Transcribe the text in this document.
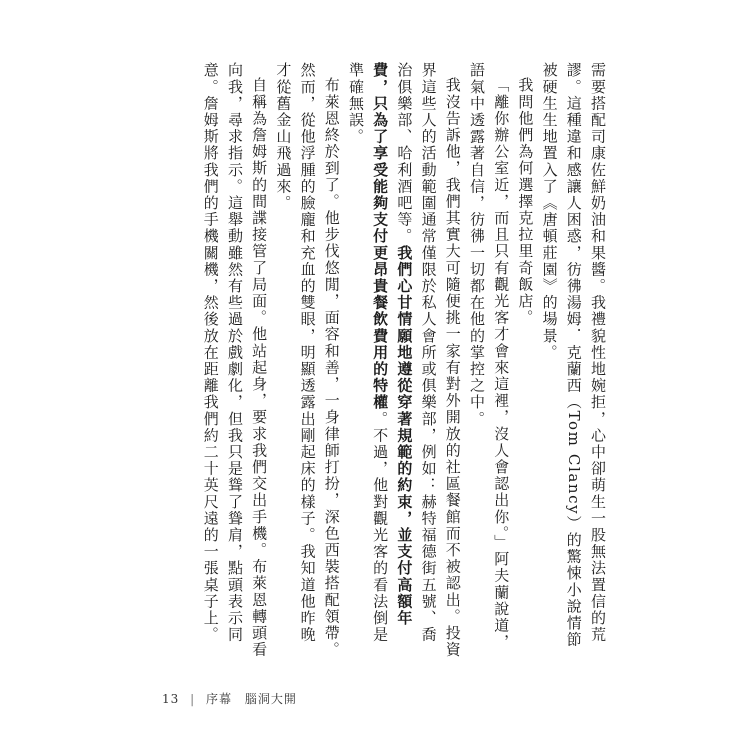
需要搭配司康佐鮮奶油和果醬。我禮貌性地婉拒，心中卻萌生一股無法置信的荒謬。這種違和感讓人困惑，彷彿湯姆．克蘭西（Tom Clancy）的驚悚小說情節被硬生生地置入了《唐頓莊園》的場景。

我問他們為何選擇克拉里奇飯店。

「離你辦公室近，而且只有觀光客才會來這裡，沒人會認出你。」阿夫蘭說道，語氣中透露著自信，彷彿一切都在他的掌控之中。

我沒告訴他，我們其實大可隨便挑一家有對外開放的社區餐館而不被認出。投資界這些人的活動範圍通常僅限於私人會所或俱樂部，例如：赫特福德街五號、喬治俱樂部、哈利酒吧等。我們心甘情願地遵從穿著規範的約束，並支付高額年費，只為了享受能夠支付更昂貴餐飲費用的特權。不過，他對觀光客的看法倒是準確無誤。

布萊恩終於到了。他步伐悠閒，面容和善，一身律師打扮，深色西裝搭配領帶。然而，從他浮腫的臉龐和充血的雙眼，明顯透露出剛起床的樣子。我知道他昨晚才從舊金山飛過來。

自稱為詹姆斯的間諜接管了局面。他站起身，要求我們交出手機。布萊恩轉頭看向我，尋求指示。這舉動雖然有些過於戲劇化，但我只是聳了聳肩，點頭表示同意。詹姆斯將我們的手機關機，然後放在距離我們約二十英尺遠的一張桌子上。

13 | 序幕 腦洞大開
